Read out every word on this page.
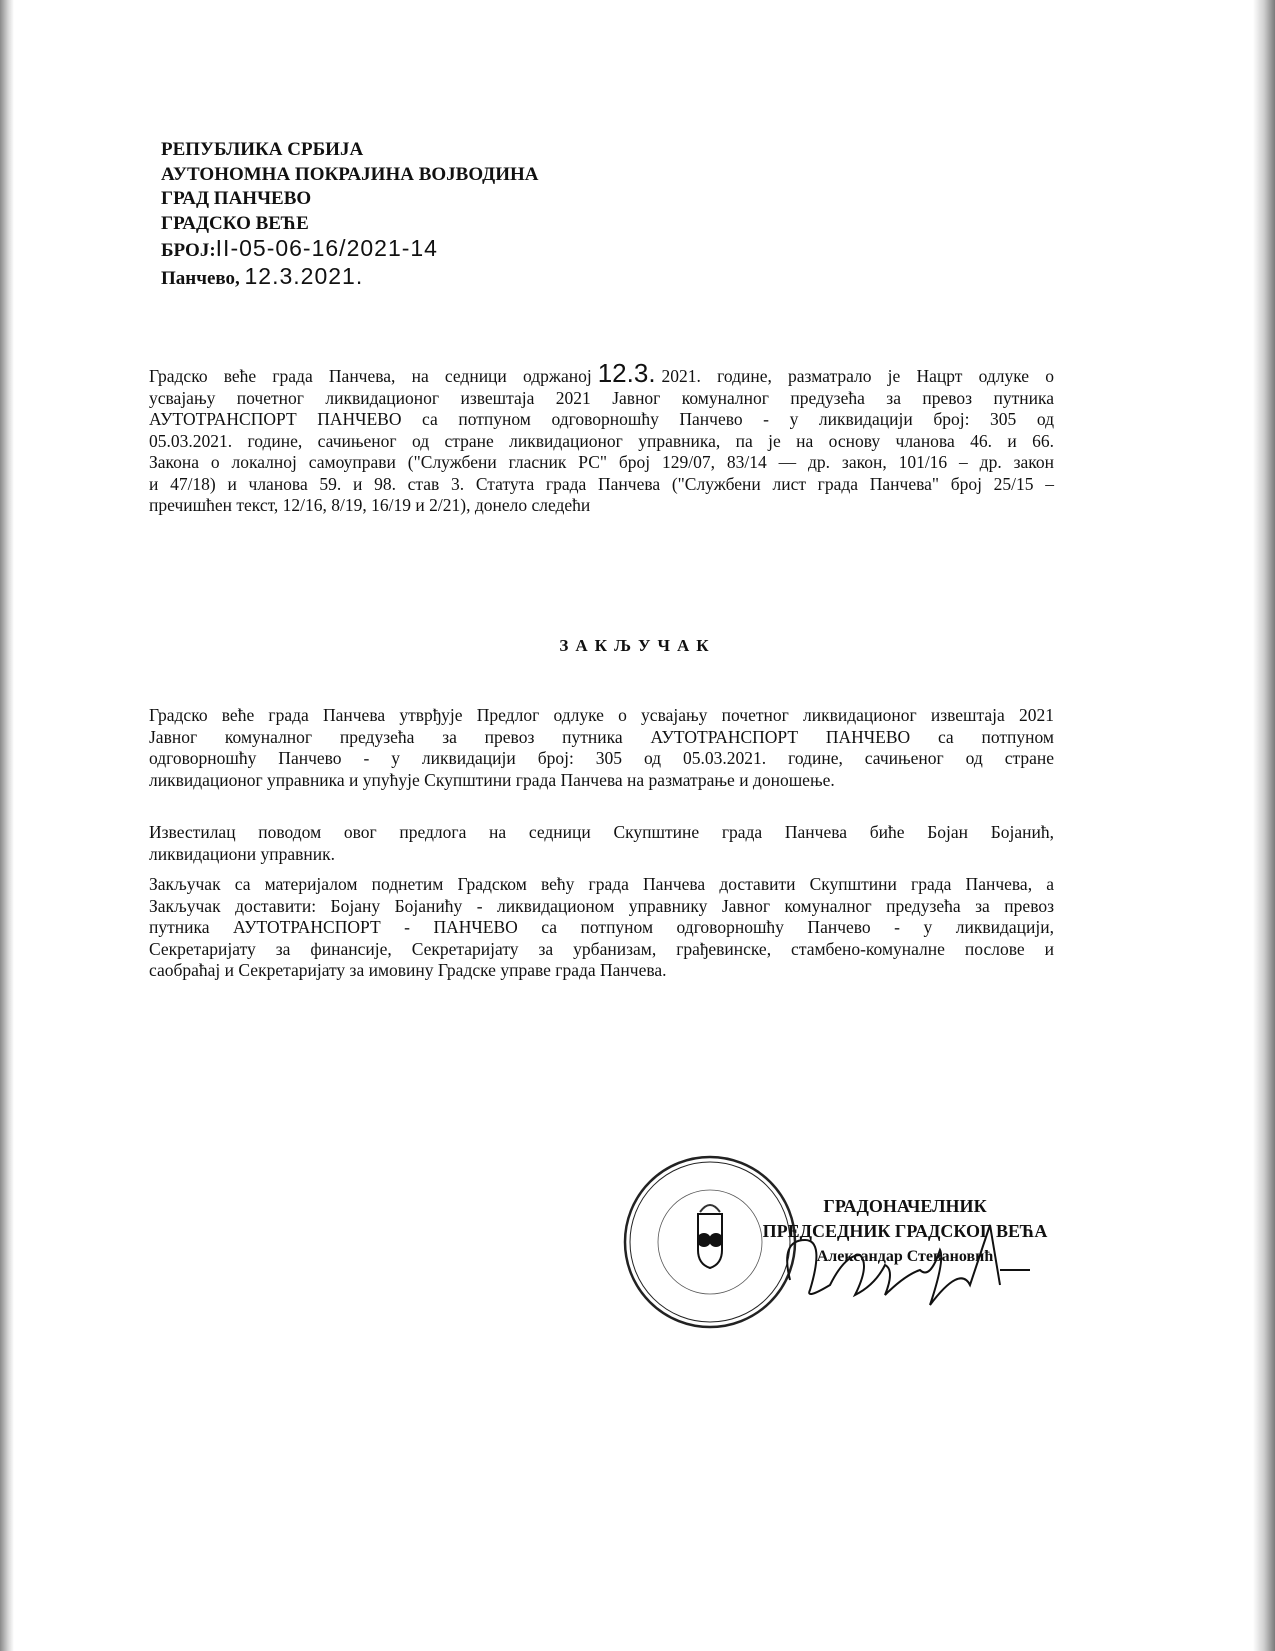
РЕПУБЛИКА СРБИЈА
АУТОНОМНА ПОКРАЈИНА ВОЈВОДИНА
ГРАД ПАНЧЕВО
ГРАДСКО ВЕЋЕ
БРОЈ:II-05-06-16/2021-14
Панчево, 12.3.2021.
Градско веће града Панчева, на седници одржаној 12.3. 2021. године, разматрало је Нацрт одлуке о
усвајању почетног ликвидационог извештаја 2021 Јавног комуналног предузећа за превоз путника
АУТОТРАНСПОРТ ПАНЧЕВО са потпуном одговорношћу Панчево - у ликвидацији број: 305 од
05.03.2021. године, сачињеног од стране ликвидационог управника, па је на основу чланова 46. и 66.
Закона о локалној самоуправи ("Службени гласник РС" број 129/07, 83/14 — др. закон, 101/16 – др. закон
и 47/18) и чланова 59. и 98. став 3. Статута града Панчева ("Службени лист града Панчева" број 25/15 –
пречишћен текст, 12/16, 8/19, 16/19 и 2/21), донело следећи
ЗАКЉУЧАК
Градско веће града Панчева утврђује Предлог одлуке о усвајању почетног ликвидационог извештаја 2021
Јавног комуналног предузећа за превоз путника АУТОТРАНСПОРТ ПАНЧЕВО са потпуном
одговорношћу Панчево - у ликвидацији број: 305 од 05.03.2021. године, сачињеног од стране
ликвидационог управника и упућује Скупштини града Панчева на разматрање и доношење.
Известилац поводом овог предлога на седници Скупштине града Панчева биће Бојан Бојанић,
ликвидациони управник.
Закључак са материјалом поднетим Градском већу града Панчева доставити Скупштини града Панчева, а
Закључак доставити: Бојану Бојанићу - ликвидационом управнику Јавног комуналног предузећа за превоз
путника АУТОТРАНСПОРТ - ПАНЧЕВО са потпуном одговорношћу Панчево - у ликвидацији,
Секретаријату за финансије, Секретаријату за урбанизам, грађевинске, стамбено-комуналне послове и
саобраћај и Секретаријату за имовину Градске управе града Панчева.
ГРАДОНАЧЕЛНИК
ПРЕДСЕДНИК ГРАДСКОГ ВЕЋА
Александар Стевановић
